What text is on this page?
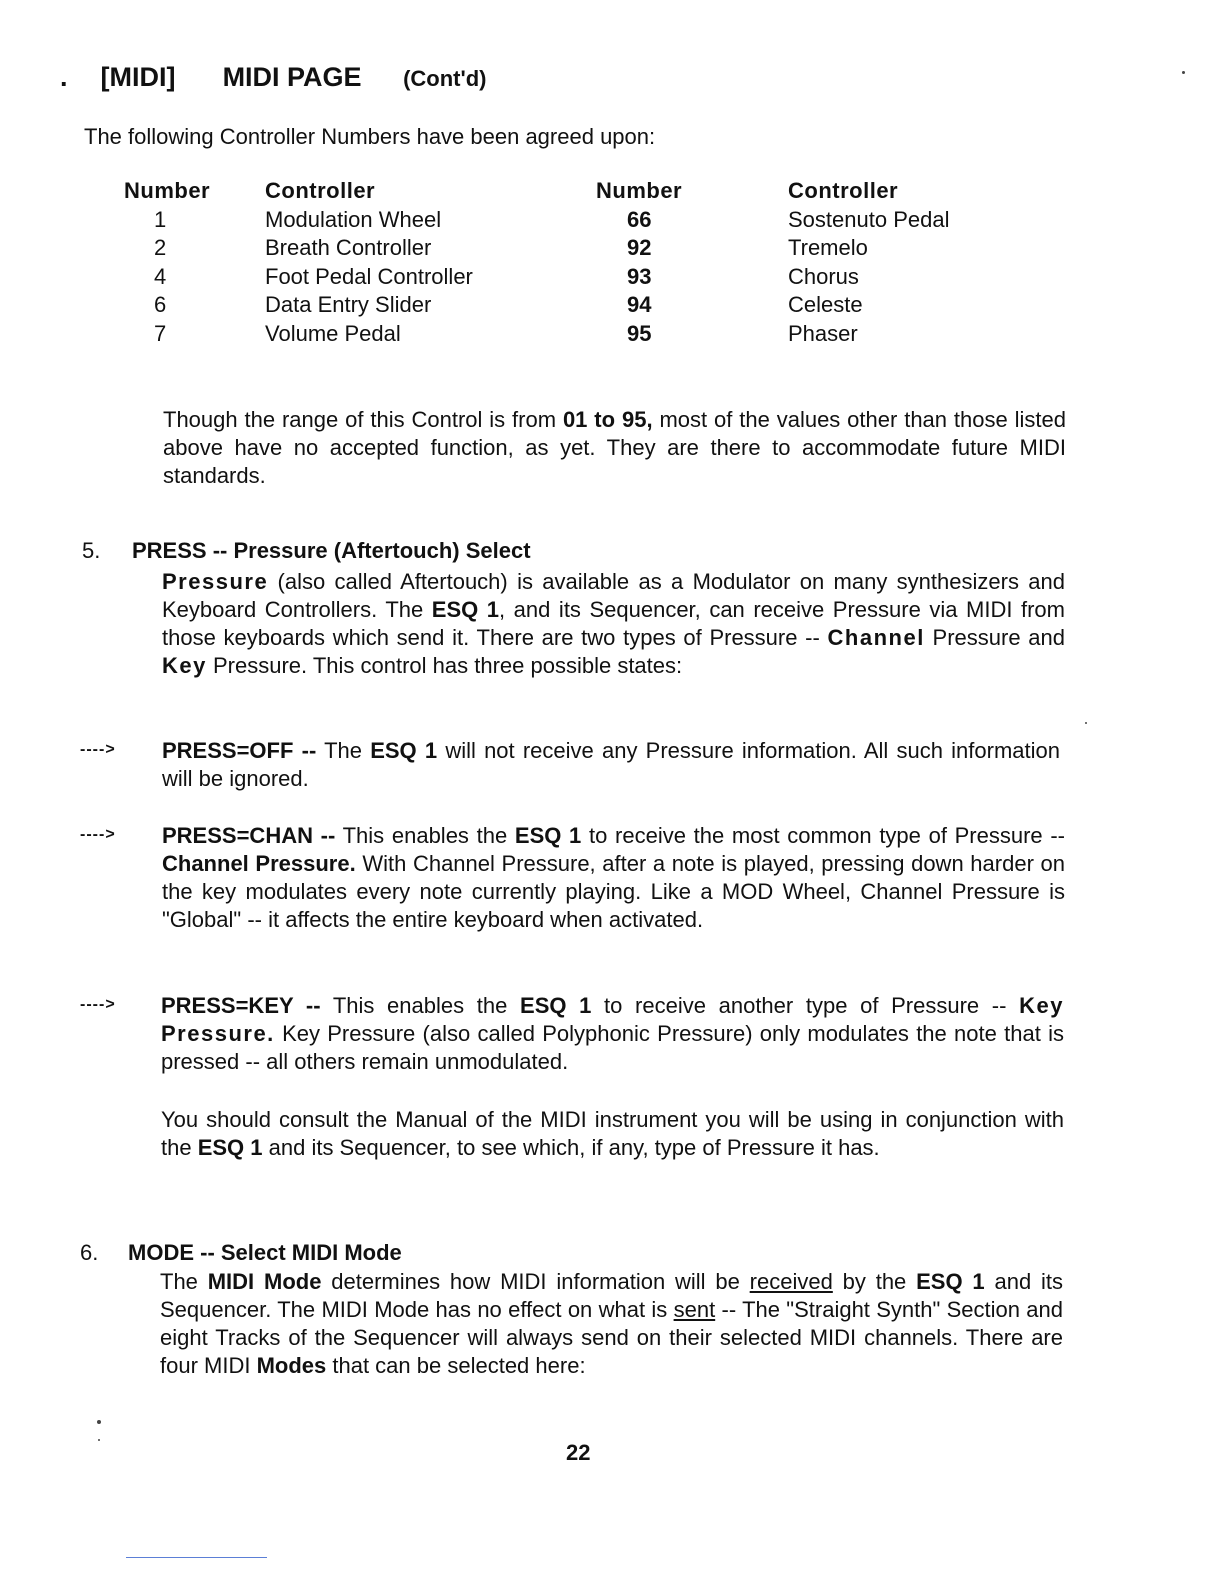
. [MIDI] MIDI PAGE (Cont'd)
The following Controller Numbers have been agreed upon:
Number Controller	Number	Controller
1	Modulation Wheel	66	Sostenuto Pedal
2	Breath Controller	92	Tremelo
4	Foot Pedal Controller	93	Chorus
6	Data Entry Slider	94	Celeste
7	Volume Pedal	95	Phaser
Though the range of this Control is from 01 to 95, most of the values other than those listed above have no accepted function, as yet. They are there to accommodate future MIDI standards.
5. PRESS -- Pressure (Aftertouch) Select
Pressure (also called Aftertouch) is available as a Modulator on many synthesizers and Keyboard Controllers. The ESQ 1, and its Sequencer, can receive Pressure via MIDI from those keyboards which send it. There are two types of Pressure -- Channel Pressure and Key Pressure. This control has three possible states:
----> PRESS=OFF -- The ESQ 1 will not receive any Pressure information. All such information will be ignored.
----> PRESS=CHAN -- This enables the ESQ 1 to receive the most common type of Pressure -- Channel Pressure. With Channel Pressure, after a note is played, pressing down harder on the key modulates every note currently playing. Like a MOD Wheel, Channel Pressure is "Global" -- it affects the entire keyboard when activated.
----> PRESS=KEY -- This enables the ESQ 1 to receive another type of Pressure -- Key Pressure. Key Pressure (also called Polyphonic Pressure) only modulates the note that is pressed -- all others remain unmodulated.
You should consult the Manual of the MIDI instrument you will be using in conjunction with the ESQ 1 and its Sequencer, to see which, if any, type of Pressure it has.
6. MODE -- Select MIDI Mode
The MIDI Mode determines how MIDI information will be received by the ESQ 1 and its Sequencer. The MIDI Mode has no effect on what is sent -- The "Straight Synth" Section and eight Tracks of the Sequencer will always send on their selected MIDI channels. There are four MIDI Modes that can be selected here:
22
